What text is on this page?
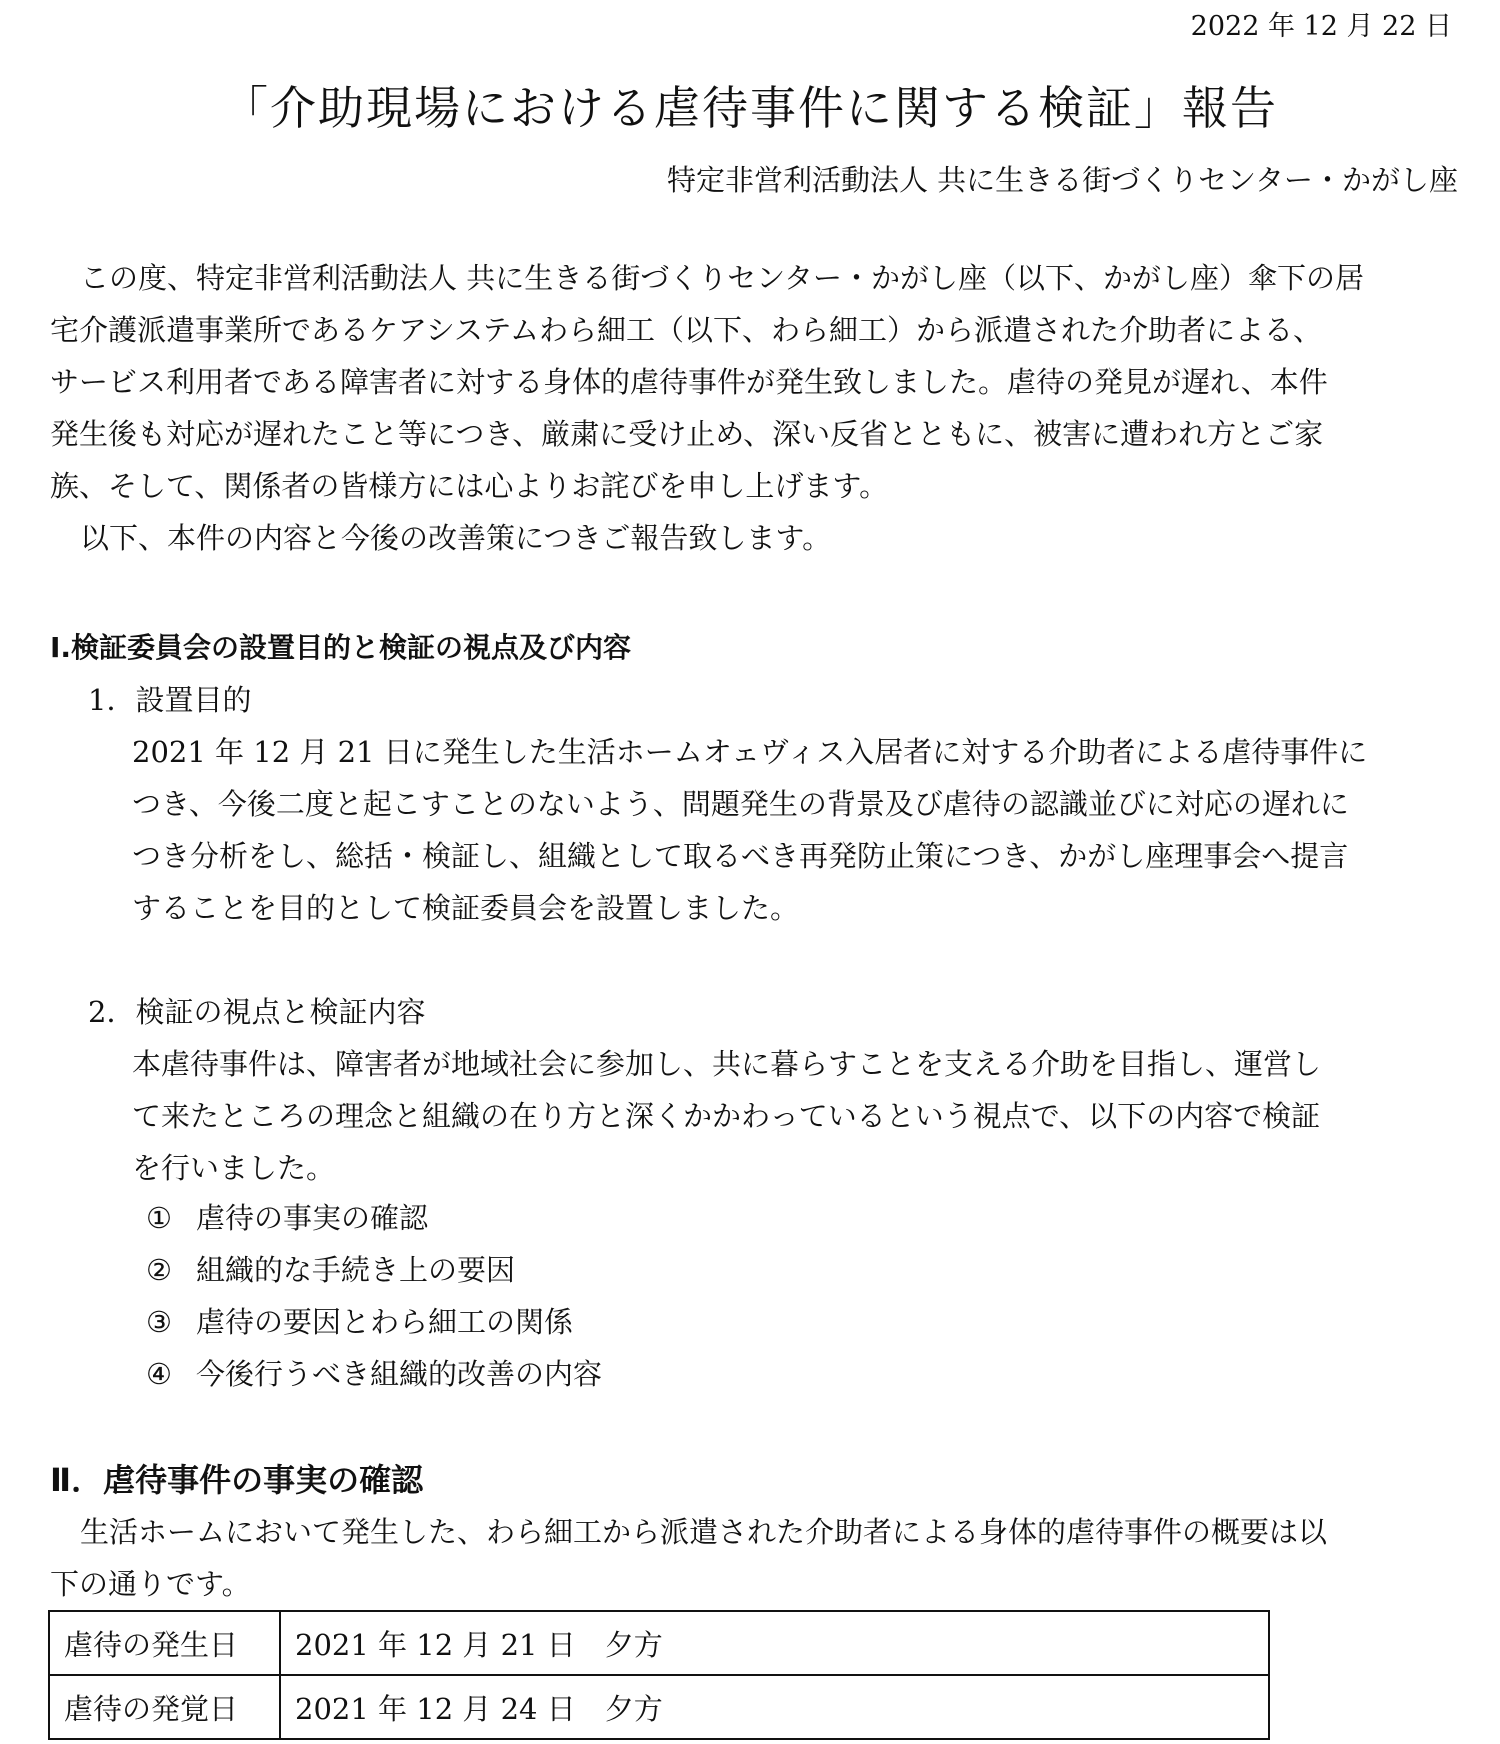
2022 年 12 月 22 日
「介助現場における虐待事件に関する検証」報告
特定非営利活動法人 共に生きる街づくりセンター・かがし座
この度、特定非営利活動法人 共に生きる街づくりセンター・かがし座（以下、かがし座）傘下の居
宅介護派遣事業所であるケアシステムわら細工（以下、わら細工）から派遣された介助者による、
サービス利用者である障害者に対する身体的虐待事件が発生致しました。虐待の発見が遅れ、本件
発生後も対応が遅れたこと等につき、厳粛に受け止め、深い反省とともに、被害に遭われ方とご家
族、そして、関係者の皆様方には心よりお詫びを申し上げます。
以下、本件の内容と今後の改善策につきご報告致します。
Ⅰ.検証委員会の設置目的と検証の視点及び内容
1．設置目的
2021 年 12 月 21 日に発生した生活ホームオェヴィス入居者に対する介助者による虐待事件に
つき、今後二度と起こすことのないよう、問題発生の背景及び虐待の認識並びに対応の遅れに
つき分析をし、総括・検証し、組織として取るべき再発防止策につき、かがし座理事会へ提言
することを目的として検証委員会を設置しました。
2．検証の視点と検証内容
本虐待事件は、障害者が地域社会に参加し、共に暮らすことを支える介助を目指し、運営し
て来たところの理念と組織の在り方と深くかかわっているという視点で、以下の内容で検証
を行いました。
① 虐待の事実の確認
② 組織的な手続き上の要因
③ 虐待の要因とわら細工の関係
④ 今後行うべき組織的改善の内容
Ⅱ．虐待事件の事実の確認
生活ホームにおいて発生した、わら細工から派遣された介助者による身体的虐待事件の概要は以
下の通りです。
虐待の発生日	2021 年 12 月 21 日　夕方
虐待の発覚日	2021 年 12 月 24 日　夕方
